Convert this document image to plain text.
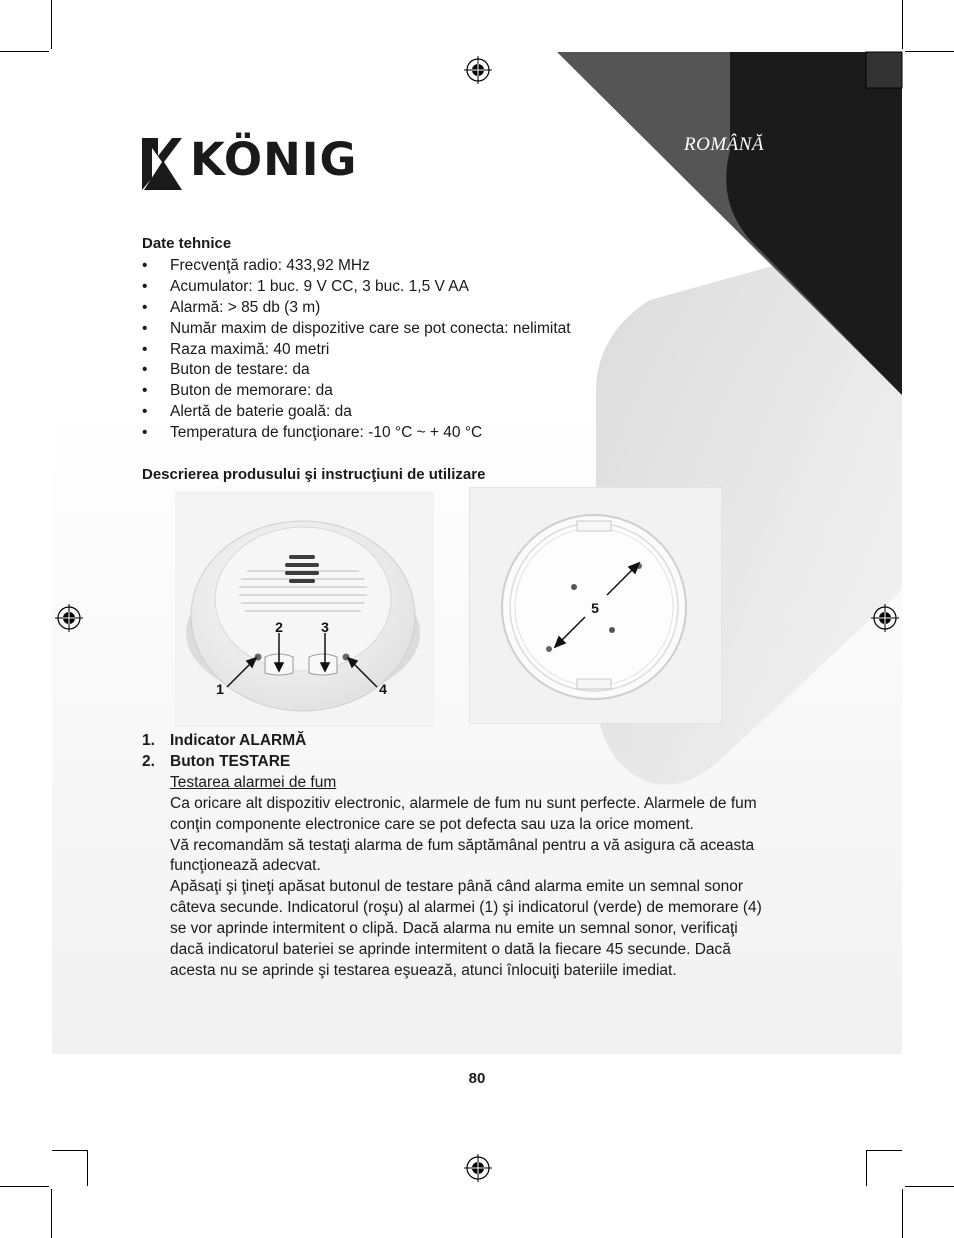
ROMÂNĂ
KÖNIG
Date tehnice
• Frecvenţă radio: 433,92 MHz
• Acumulator: 1 buc. 9 V CC, 3 buc. 1,5 V AA
• Alarmă: > 85 db (3 m)
• Număr maxim de dispozitive care se pot conecta: nelimitat
• Raza maximă: 40 metri
• Buton de testare: da
• Buton de memorare: da
• Alertă de baterie goală: da
• Temperatura de funcţionare: -10 °C ~ + 40 °C
Descrierea produsului şi instrucţiuni de utilizare
2	3
1	4
5
1. Indicator ALARMĂ
2. Buton TESTARE

Testarea alarmei de fum

Ca oricare alt dispozitiv electronic, alarmele de fum nu sunt perfecte. Alarmele de fum conţin componente electronice care se pot defecta sau uza la orice moment.

Vă recomandăm să testaţi alarma de fum săptămânal pentru a vă asigura că aceasta funcţionează adecvat.

Apăsaţi şi ţineţi apăsat butonul de testare până când alarma emite un semnal sonor câteva secunde. Indicatorul (roşu) al alarmei (1) şi indicatorul (verde) de memorare (4) se vor aprinde intermitent o clipă. Dacă alarma nu emite un semnal sonor, verificaţi dacă indicatorul bateriei se aprinde intermitent o dată la fiecare 45 secunde. Dacă acesta nu se aprinde şi testarea eşuează, atunci înlocuiţi bateriile imediat.

80
